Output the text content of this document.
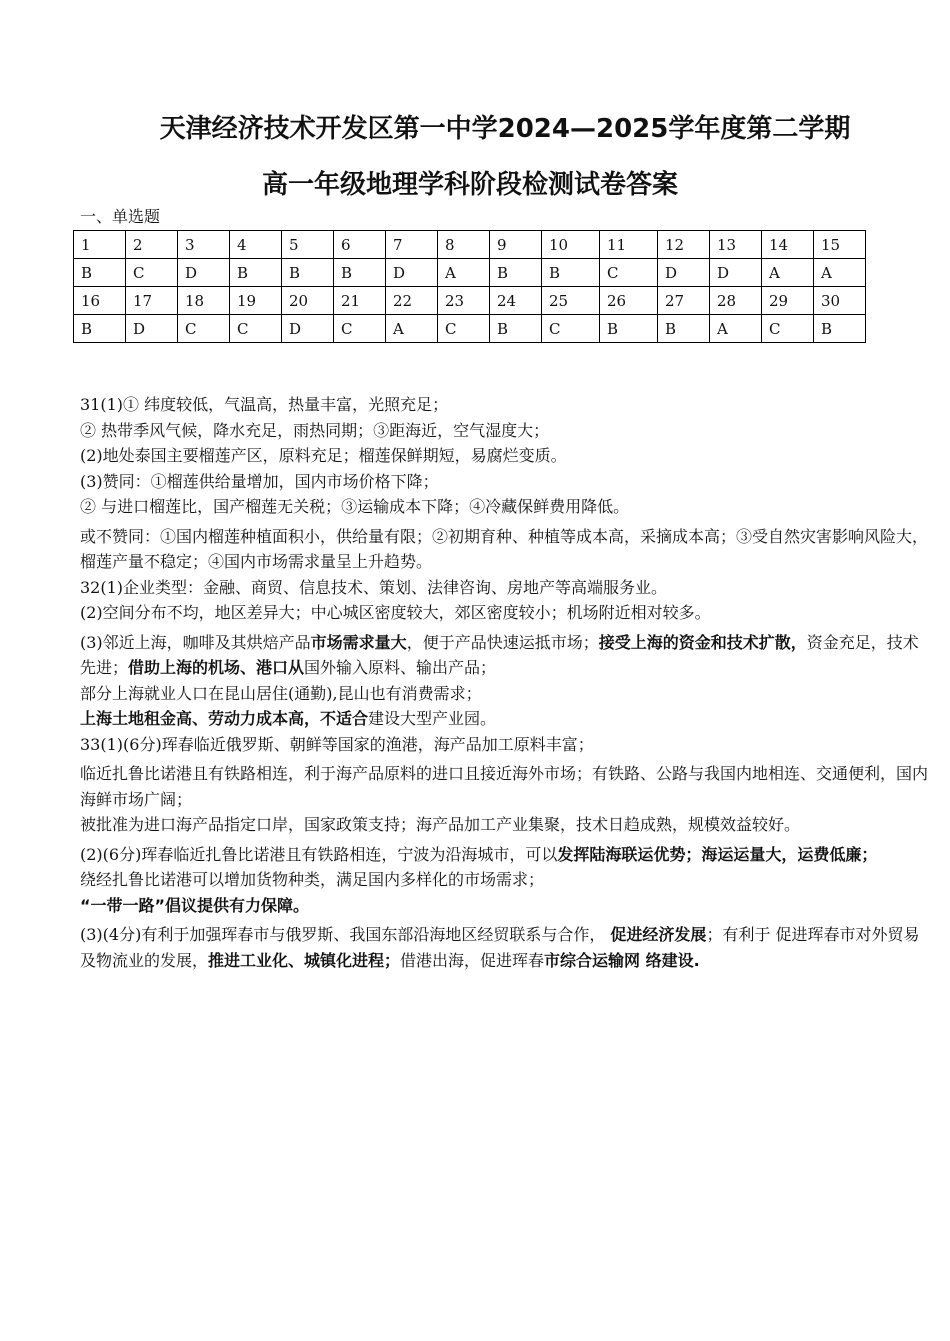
天津经济技术开发区第一中学2024—2025学年度第二学期
高一年级地理学科阶段检测试卷答案
一、单选题
1	2	3	4	5	6	7	8	9	10	11	12	13	14	15
B	C	D	B	B	B	D	A	B	B	C	D	D	A	A
16	17	18	19	20	21	22	23	24	25	26	27	28	29	30
B	D	C	C	D	C	A	C	B	C	B	B	A	C	B

31(1)① 纬度较低，气温高，热量丰富，光照充足；

② 热带季风气候，降水充足，雨热同期；③距海近，空气湿度大；

(2)地处泰国主要榴莲产区，原料充足；榴莲保鲜期短，易腐烂变质。

(3)赞同：①榴莲供给量增加，国内市场价格下降；

② 与进口榴莲比，国产榴莲无关税；③运输成本下降；④冷藏保鲜费用降低。

或不赞同：①国内榴莲种植面积小，供给量有限；②初期育种、种植等成本高，采摘成本高；③受自然灾害影响风险大，榴莲产量不稳定；④国内市场需求量呈上升趋势。

32(1)企业类型：金融、商贸、信息技术、策划、法律咨询、房地产等高端服务业。

(2)空间分布不均，地区差异大；中心城区密度较大，郊区密度较小；机场附近相对较多。

(3)邻近上海，咖啡及其烘焙产品市场需求量大，便于产品快速运抵市场；接受上海的资金和技术扩散，资金充足，技术先进；借助上海的机场、港口从国外输入原料、输出产品；

部分上海就业人口在昆山居住(通勤),昆山也有消费需求；

上海土地租金高、劳动力成本高，不适合建设大型产业园。

33(1)(6分)珲春临近俄罗斯、朝鲜等国家的渔港，海产品加工原料丰富；

临近扎鲁比诺港且有铁路相连，利于海产品原料的进口且接近海外市场；有铁路、公路与我国内地相连、交通便利，国内海鲜市场广阔；

被批准为进口海产品指定口岸，国家政策支持；海产品加工产业集聚，技术日趋成熟，规模效益较好。

(2)(6分)珲春临近扎鲁比诺港且有铁路相连，宁波为沿海城市，可以发挥陆海联运优势；海运运量大，运费低廉；

绕经扎鲁比诺港可以增加货物种类，满足国内多样化的市场需求；

“一带一路”倡议提供有力保障。

(3)(4分)有利于加强珲春市与俄罗斯、我国东部沿海地区经贸联系与合作， 促进经济发展；有利于 促进珲春市对外贸易及物流业的发展，推进工业化、城镇化进程；借港出海，促进珲春市综合运输网 络建设.
